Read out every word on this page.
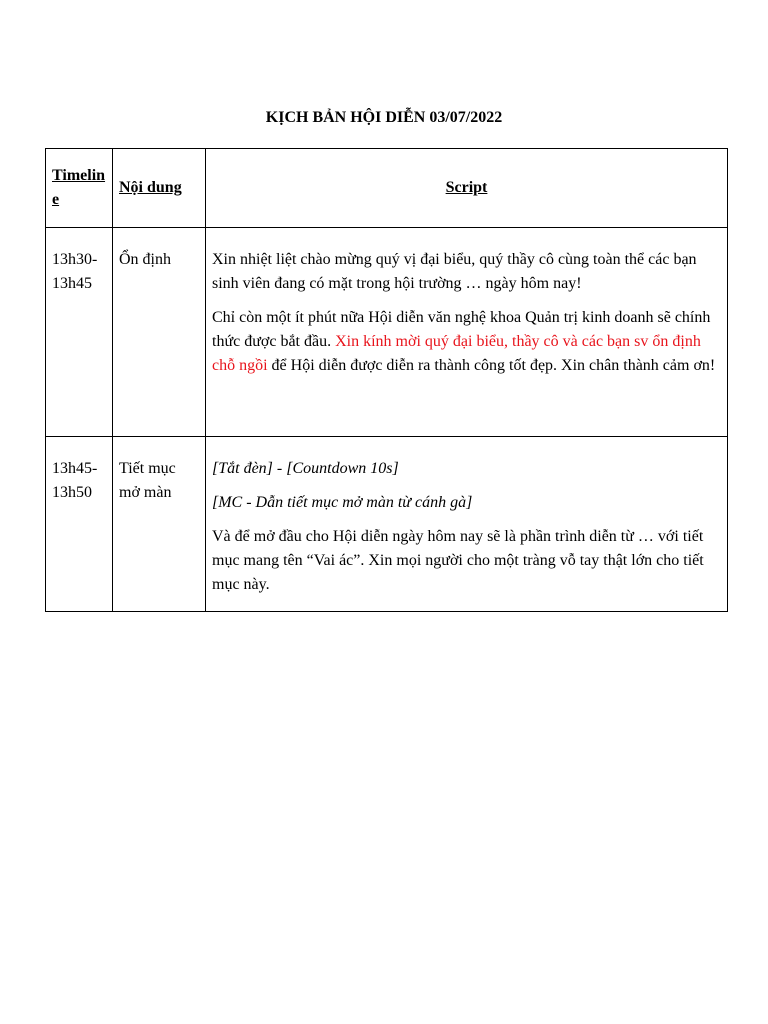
KỊCH BẢN HỘI DIỄN 03/07/2022
Timeline	Nội dung	Script
13h30-13h45	Ổn định	Xin nhiệt liệt chào mừng quý vị đại biểu, quý thầy cô cùng toàn thể các bạn sinh viên đang có mặt trong hội trường … ngày hôm nay!

Chỉ còn một ít phút nữa Hội diễn văn nghệ khoa Quản trị kinh doanh sẽ chính thức được bắt đầu. Xin kính mời quý đại biểu, thầy cô và các bạn sv ổn định chỗ ngồi để Hội diễn được diễn ra thành công tốt đẹp. Xin chân thành cảm ơn!

13h45-13h50	Tiết mục mở màn	[Tắt đèn] - [Countdown 10s]

[MC - Dẫn tiết mục mở màn từ cánh gà]

Và để mở đầu cho Hội diễn ngày hôm nay sẽ là phần trình diễn từ … với tiết mục mang tên “Vai ác”. Xin mọi người cho một tràng vỗ tay thật lớn cho tiết mục này.
